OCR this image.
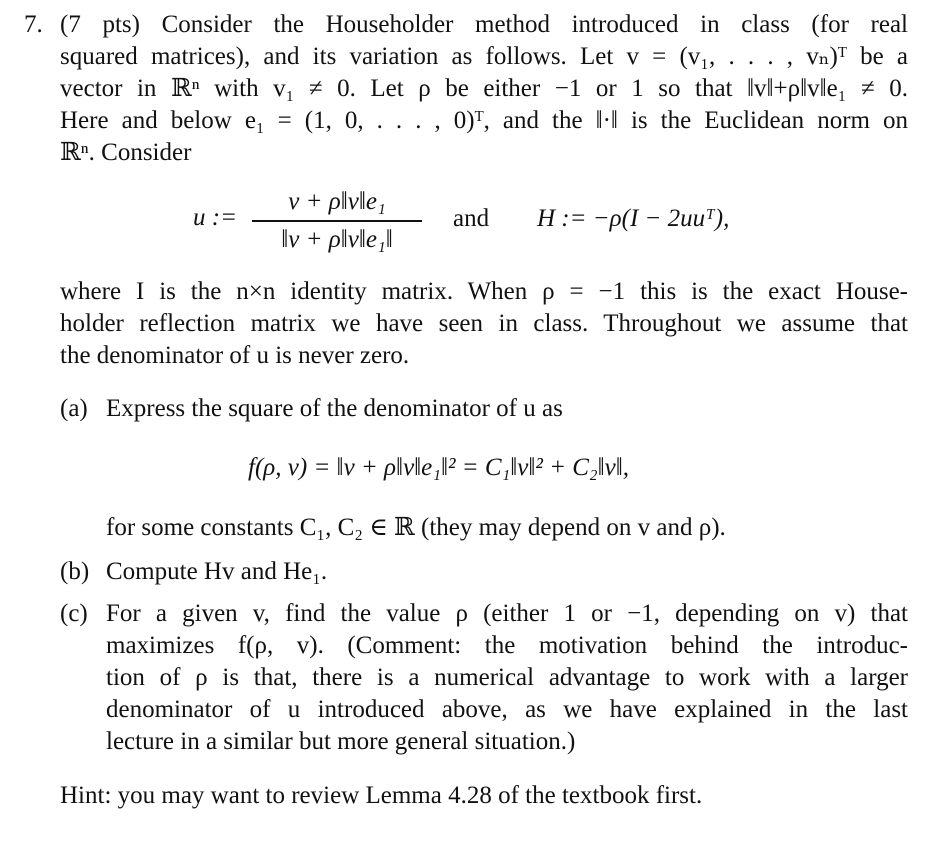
7. (7 pts) Consider the Householder method introduced in class (for real
squared matrices), and its variation as follows. Let v = (v₁, . . . , vₙ)ᵀ be a
vector in ℝⁿ with v₁ ≠ 0. Let ρ be either −1 or 1 so that ‖v‖+ρ‖v‖e₁ ≠ 0.
Here and below e₁ = (1, 0, . . . , 0)ᵀ, and the ‖·‖ is the Euclidean norm on
ℝⁿ. Consider
u :=
v + ρ‖v‖e₁
‖v + ρ‖v‖e₁‖
and H := −ρ(I − 2uuᵀ),
where I is the n×n identity matrix. When ρ = −1 this is the exact House-
holder reflection matrix we have seen in class. Throughout we assume that
the denominator of u is never zero.
(a) Express the square of the denominator of u as
f(ρ, v) = ‖v + ρ‖v‖e₁‖² = C₁‖v‖² + C₂‖v‖,
for some constants C₁, C₂ ∈ ℝ (they may depend on v and ρ).
(b) Compute Hv and He₁.
(c) For a given v, find the value ρ (either 1 or −1, depending on v) that
maximizes f(ρ, v). (Comment: the motivation behind the introduc-
tion of ρ is that, there is a numerical advantage to work with a larger
denominator of u introduced above, as we have explained in the last
lecture in a similar but more general situation.)
Hint: you may want to review Lemma 4.28 of the textbook first.
